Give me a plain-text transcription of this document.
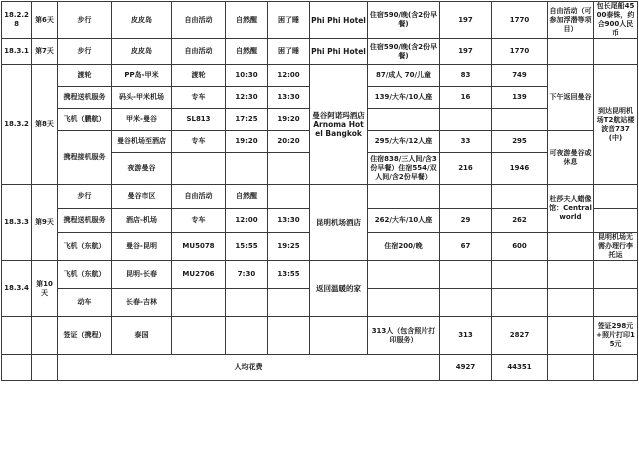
18.2.28	第6天	步行	皮皮岛	自由活动	自然醒	困了睡	Phi Phi Hotel	住宿590/晚(含2份早餐)	197	1770	自由活动（可参加浮潜等项目）	包长尾船4500泰铢，约合900人民币
18.3.1	第7天	步行	皮皮岛	自由活动	自然醒	困了睡	Phi Phi Hotel	住宿590/晚(含2份早餐)	197	1770		
18.3.2	第8天	渡轮	PP岛-甲米	渡轮	10:30	12:00	曼谷阿诺玛酒店 Arnoma Hotel Bangkok	87/成人 70/儿童	83	749	下午返回曼谷	到达昆明机场T2航站楼 波音737(中)
		携程送机服务	码头-甲米机场	专车	12:30	13:30		139/大车/10人座	16	139		
		飞机（鹏航）	甲米-曼谷	SL813	17:25	19:20						
		携程接机服务	曼谷机场至酒店	专车	19:20	20:20		295/大车/12人座	33	295	可夜游曼谷或休息	
			夜游曼谷					住宿838/三人间/含3份早餐）住宿554/双人间/含2份早餐）	216	1946		
18.3.3	第9天	步行	曼谷市区	自由活动	自然醒		昆明机场酒店				杜莎夫人蜡像馆：Central world	
		携程送机服务	酒店-机场	专车	12:00	13:30		262/大车/10人座	29	262		
		飞机（东航）	曼谷-昆明	MU5078	15:55	19:25		住宿200/晚	67	600		昆明机场无需办理行李托运
18.3.4	第10天	飞机（东航）	昆明-长春	MU2706	7:30	13:55	返回温暖的家					
		动车	长春-吉林									
		签证（携程）	泰国					313人（包含照片打印服务）	313	2827		签证298元+照片打印15元
		人均花费							4927	44351		
